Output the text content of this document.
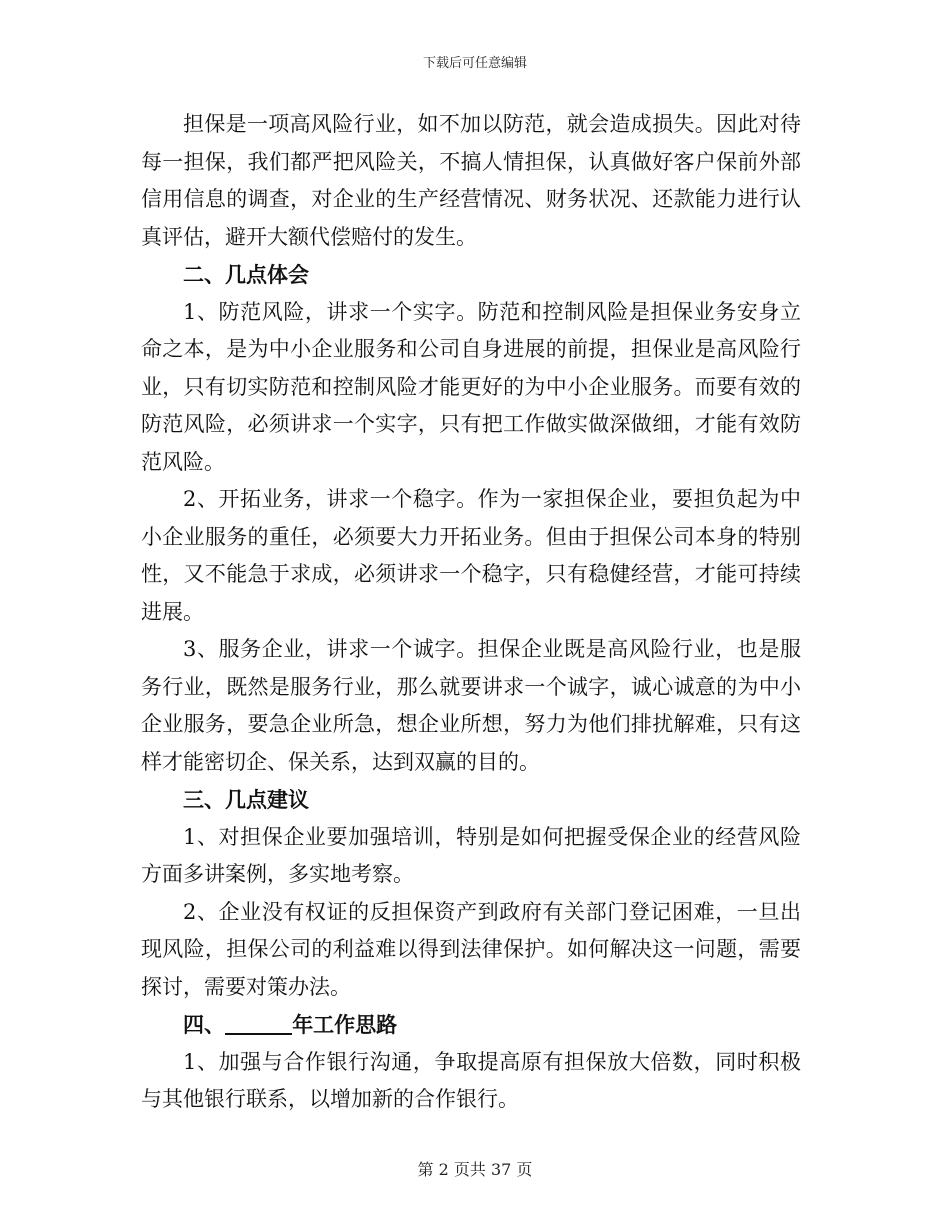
下载后可任意编辑

担保是一项高风险行业，如不加以防范，就会造成损失。因此对待每一担保，我们都严把风险关，不搞人情担保，认真做好客户保前外部信用信息的调查，对企业的生产经营情况、财务状况、还款能力进行认真评估，避开大额代偿赔付的发生。

二、几点体会

1、防范风险，讲求一个实字。防范和控制风险是担保业务安身立命之本，是为中小企业服务和公司自身进展的前提，担保业是高风险行业，只有切实防范和控制风险才能更好的为中小企业服务。而要有效的防范风险，必须讲求一个实字，只有把工作做实做深做细，才能有效防范风险。

2、开拓业务，讲求一个稳字。作为一家担保企业，要担负起为中小企业服务的重任，必须要大力开拓业务。但由于担保公司本身的特别性，又不能急于求成，必须讲求一个稳字，只有稳健经营，才能可持续进展。

3、服务企业，讲求一个诚字。担保企业既是高风险行业，也是服务行业，既然是服务行业，那么就要讲求一个诚字，诚心诚意的为中小企业服务，要急企业所急，想企业所想，努力为他们排扰解难，只有这样才能密切企、保关系，达到双赢的目的。

三、几点建议

1、对担保企业要加强培训，特别是如何把握受保企业的经营风险方面多讲案例，多实地考察。

2、企业没有权证的反担保资产到政府有关部门登记困难，一旦出现风险，担保公司的利益难以得到法律保护。如何解决这一问题，需要探讨，需要对策办法。

四、	年工作思路

1、加强与合作银行沟通，争取提高原有担保放大倍数，同时积极与其他银行联系，以增加新的合作银行。

第 2 页共 37 页
